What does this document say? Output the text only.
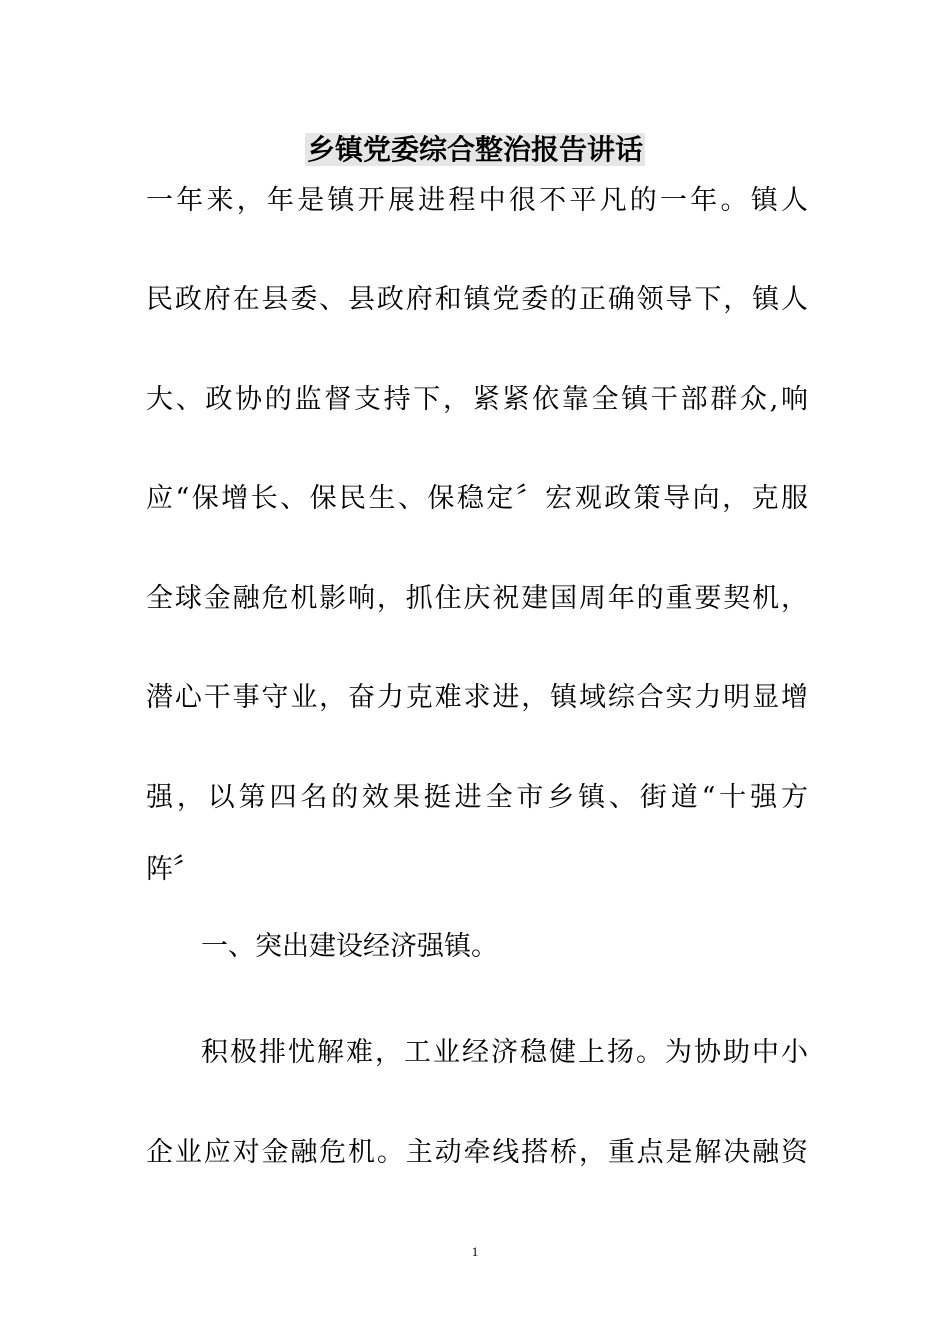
乡镇党委综合整治报告讲话
一年来，年是镇开展进程中很不平凡的一年。镇人
民政府在县委、县政府和镇党委的正确领导下，镇人
大、政协的监督支持下，紧紧依靠全镇干部群众,响
应“保增长、保民生、保稳定〞宏观政策导向，克服
全球金融危机影响，抓住庆祝建国周年的重要契机，
潜心干事守业，奋力克难求进，镇域综合实力明显增
强，以第四名的效果挺进全市乡镇、街道“十强方
阵〞
一、突出建设经济强镇。
积极排忧解难，工业经济稳健上扬。为协助中小
企业应对金融危机。主动牵线搭桥，重点是解决融资
1
